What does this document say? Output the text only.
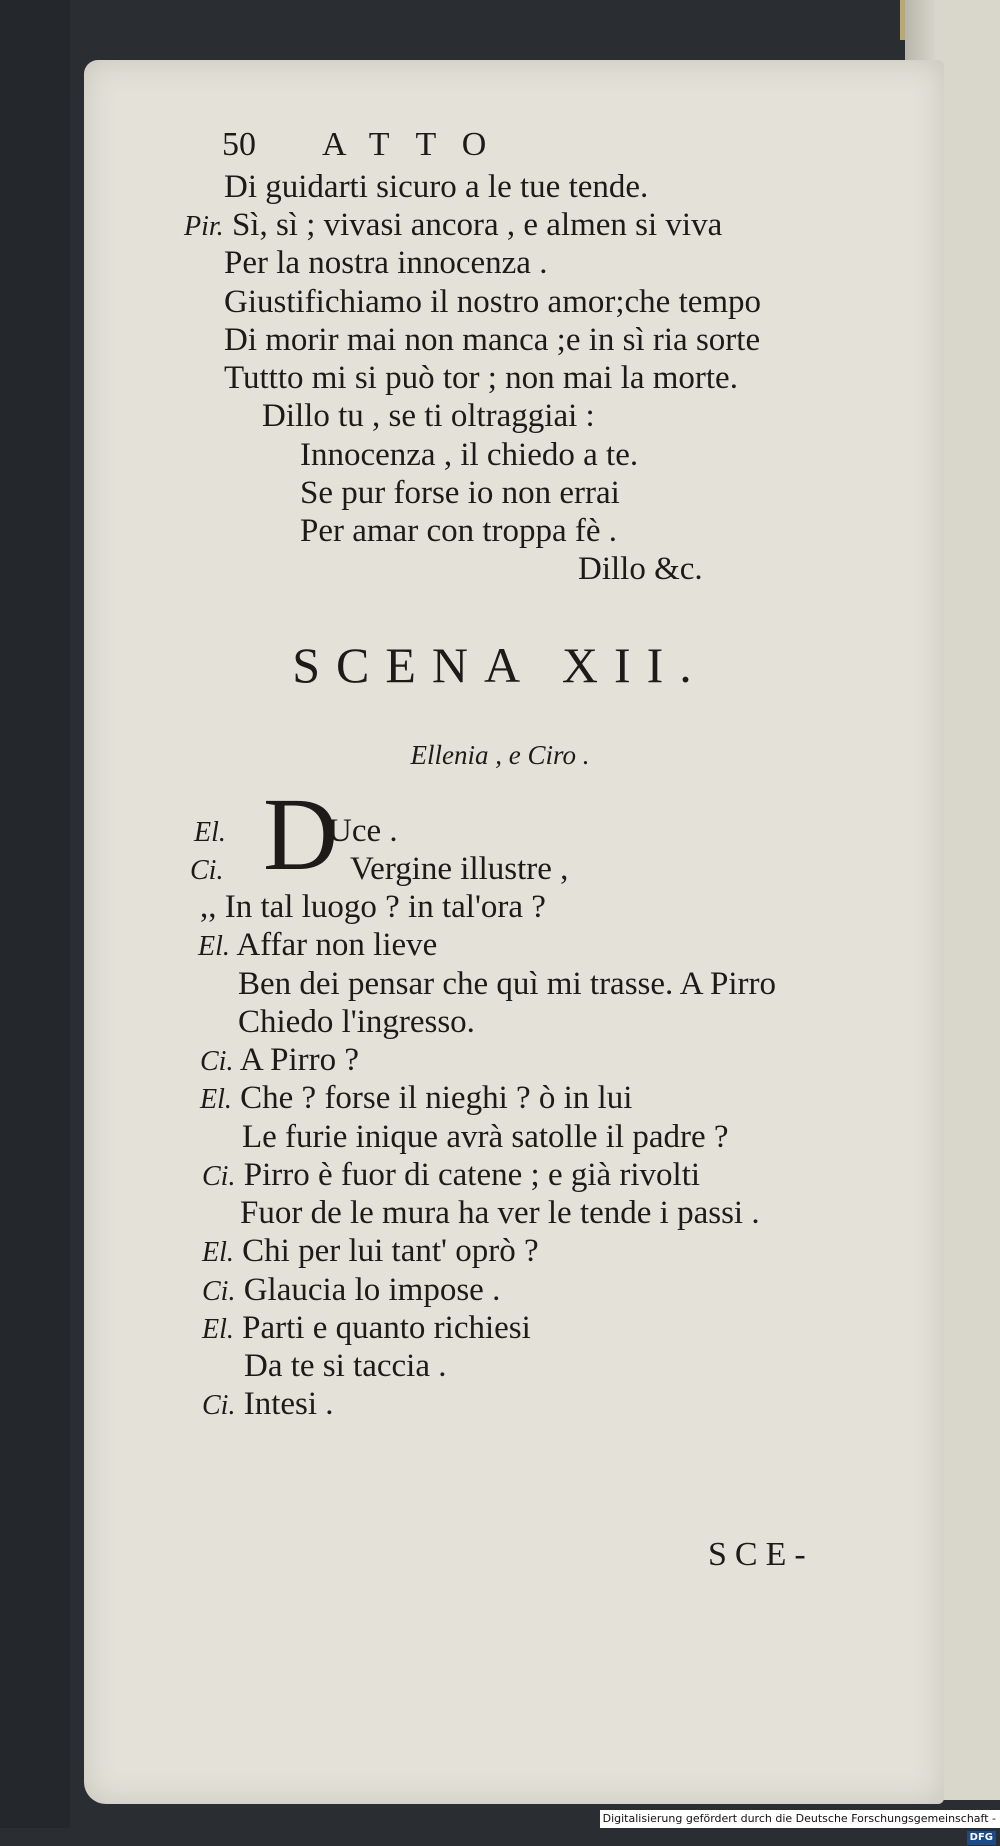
50 ATTO
Di guidarti sicuro a le tue tende.
Pir. Sì, sì ; vivasi ancora , e almen si viva
Per la nostra innocenza .
Giustifichiamo il nostro amor;che tempo
Di morir mai non manca ;e in sì ria sorte
Tuttto mi si può tor ; non mai la morte.
Dillo tu , se ti oltraggiai :
Innocenza , il chiedo a te.
Se pur forse io non errai
Per amar con troppa fè .
Dillo &c.
SCENA XII.
Ellenia , e Ciro .
D
El.	Uce .
Ci.	Vergine illustre ,
,, In tal luogo ? in tal'ora ?
El. Affar non lieve
Ben dei pensar che quì mi trasse. A Pirro
Chiedo l'ingresso.
Ci. A Pirro ?
El. Che ? forse il nieghi ? ò in lui
Le furie inique avrà satolle il padre ?
Ci. Pirro è fuor di catene ; e già rivolti
Fuor de le mura ha ver le tende i passi .
El. Chi per lui tant' oprò ?
Ci. Glaucia lo impose .
El. Parti e quanto richiesi
Da te si taccia .
Ci. Intesi .
SCE-
Digitalisierung gefördert durch die Deutsche Forschungsgemeinschaft -DFG
